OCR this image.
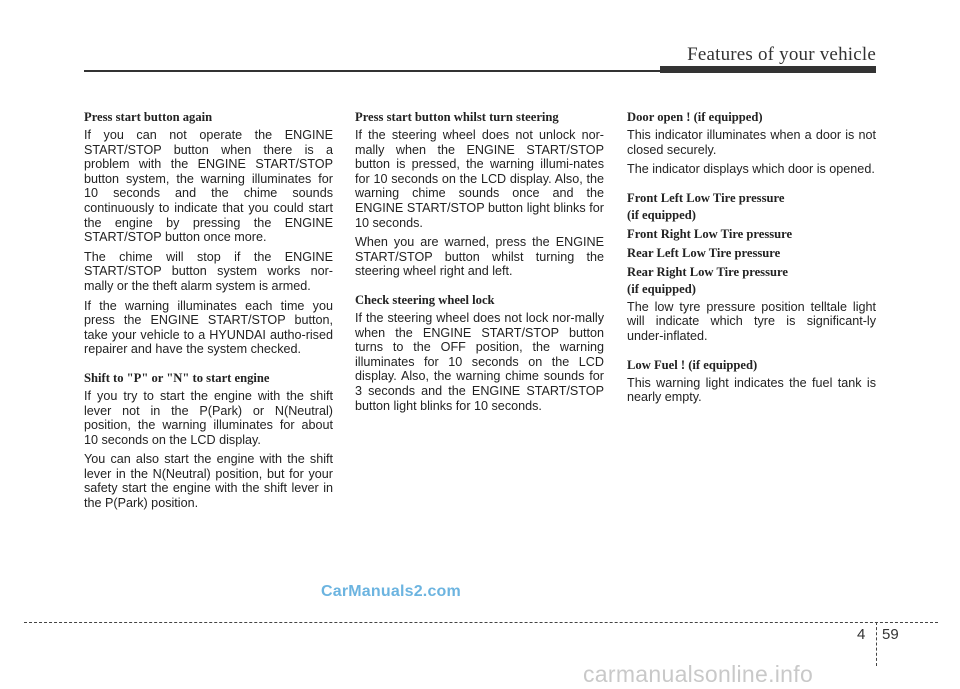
Features of your vehicle

Press start button again

If you can not operate the ENGINE START/STOP button when there is a problem with the ENGINE START/STOP button system, the warning illuminates for 10 seconds and the chime sounds continuously to indicate that you could start the engine by pressing the ENGINE START/STOP button once more.

The chime will stop if the ENGINE START/STOP button system works nor-mally or the theft alarm system is armed.

If the warning illuminates each time you press the ENGINE START/STOP button, take your vehicle to a HYUNDAI autho-rised repairer and have the system checked.

Shift to "P" or "N" to start engine

If you try to start the engine with the shift lever not in the P(Park) or N(Neutral) position, the warning illuminates for about 10 seconds on the LCD display.

You can also start the engine with the shift lever in the N(Neutral) position, but for your safety start the engine with the shift lever in the P(Park) position.

Press start button whilst turn steering

If the steering wheel does not unlock nor-mally when the ENGINE START/STOP button is pressed, the warning illumi-nates for 10 seconds on the LCD display. Also, the warning chime sounds once and the ENGINE START/STOP button light blinks for 10 seconds.

When you are warned, press the ENGINE START/STOP button whilst turning the steering wheel right and left.

Check steering wheel lock

If the steering wheel does not lock nor-mally when the ENGINE START/STOP button turns to the OFF position, the warning illuminates for 10 seconds on the LCD display. Also, the warning chime sounds for 3 seconds and the ENGINE START/STOP button light blinks for 10 seconds.

Door open ! (if equipped)

This indicator illuminates when a door is not closed securely.

The indicator displays which door is opened.

Front Left Low Tire pressure

(if equipped)

Front Right Low Tire pressure

Rear Left Low Tire pressure

Rear Right Low Tire pressure

(if equipped)

The low tyre pressure position telltale light will indicate which tyre is significant-ly under-inflated.

Low Fuel ! (if equipped)

This warning light indicates the fuel tank is nearly empty.

CarManuals2.com
4 59
carmanualsonline.info
